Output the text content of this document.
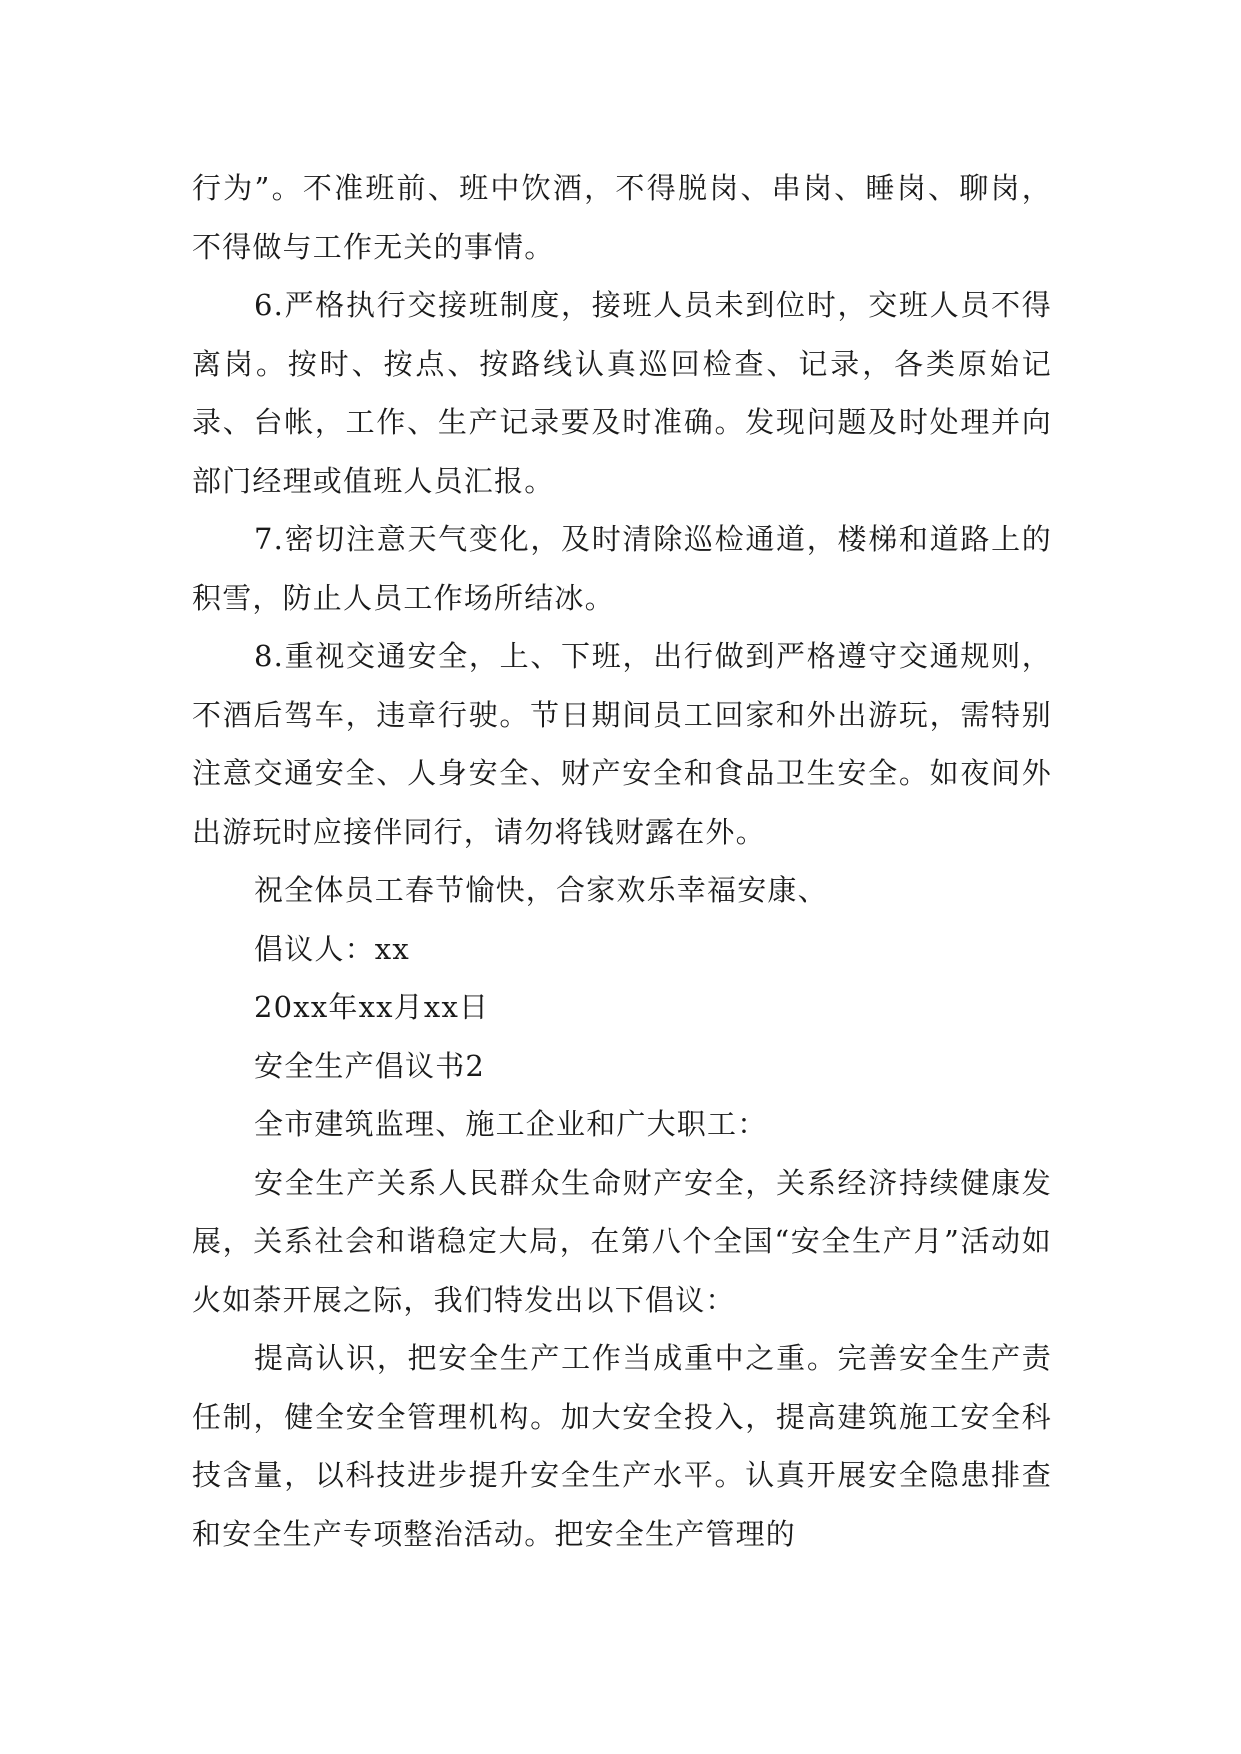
行为”。不准班前、班中饮酒，不得脱岗、串岗、睡岗、聊岗，不得做与工作无关的事情。

6.严格执行交接班制度，接班人员未到位时，交班人员不得离岗。按时、按点、按路线认真巡回检查、记录，各类原始记录、台帐，工作、生产记录要及时准确。发现问题及时处理并向部门经理或值班人员汇报。

7.密切注意天气变化，及时清除巡检通道，楼梯和道路上的积雪，防止人员工作场所结冰。

8.重视交通安全，上、下班，出行做到严格遵守交通规则，不酒后驾车，违章行驶。节日期间员工回家和外出游玩，需特别注意交通安全、人身安全、财产安全和食品卫生安全。如夜间外出游玩时应接伴同行，请勿将钱财露在外。

祝全体员工春节愉快，合家欢乐幸福安康、

倡议人：xx

20xx年xx月xx日

安全生产倡议书2

全市建筑监理、施工企业和广大职工：

安全生产关系人民群众生命财产安全，关系经济持续健康发展，关系社会和谐稳定大局，在第八个全国“安全生产月”活动如火如荼开展之际，我们特发出以下倡议：

提高认识，把安全生产工作当成重中之重。完善安全生产责任制，健全安全管理机构。加大安全投入，提高建筑施工安全科技含量，以科技进步提升安全生产水平。认真开展安全隐患排查和安全生产专项整治活动。把安全生产管理的
